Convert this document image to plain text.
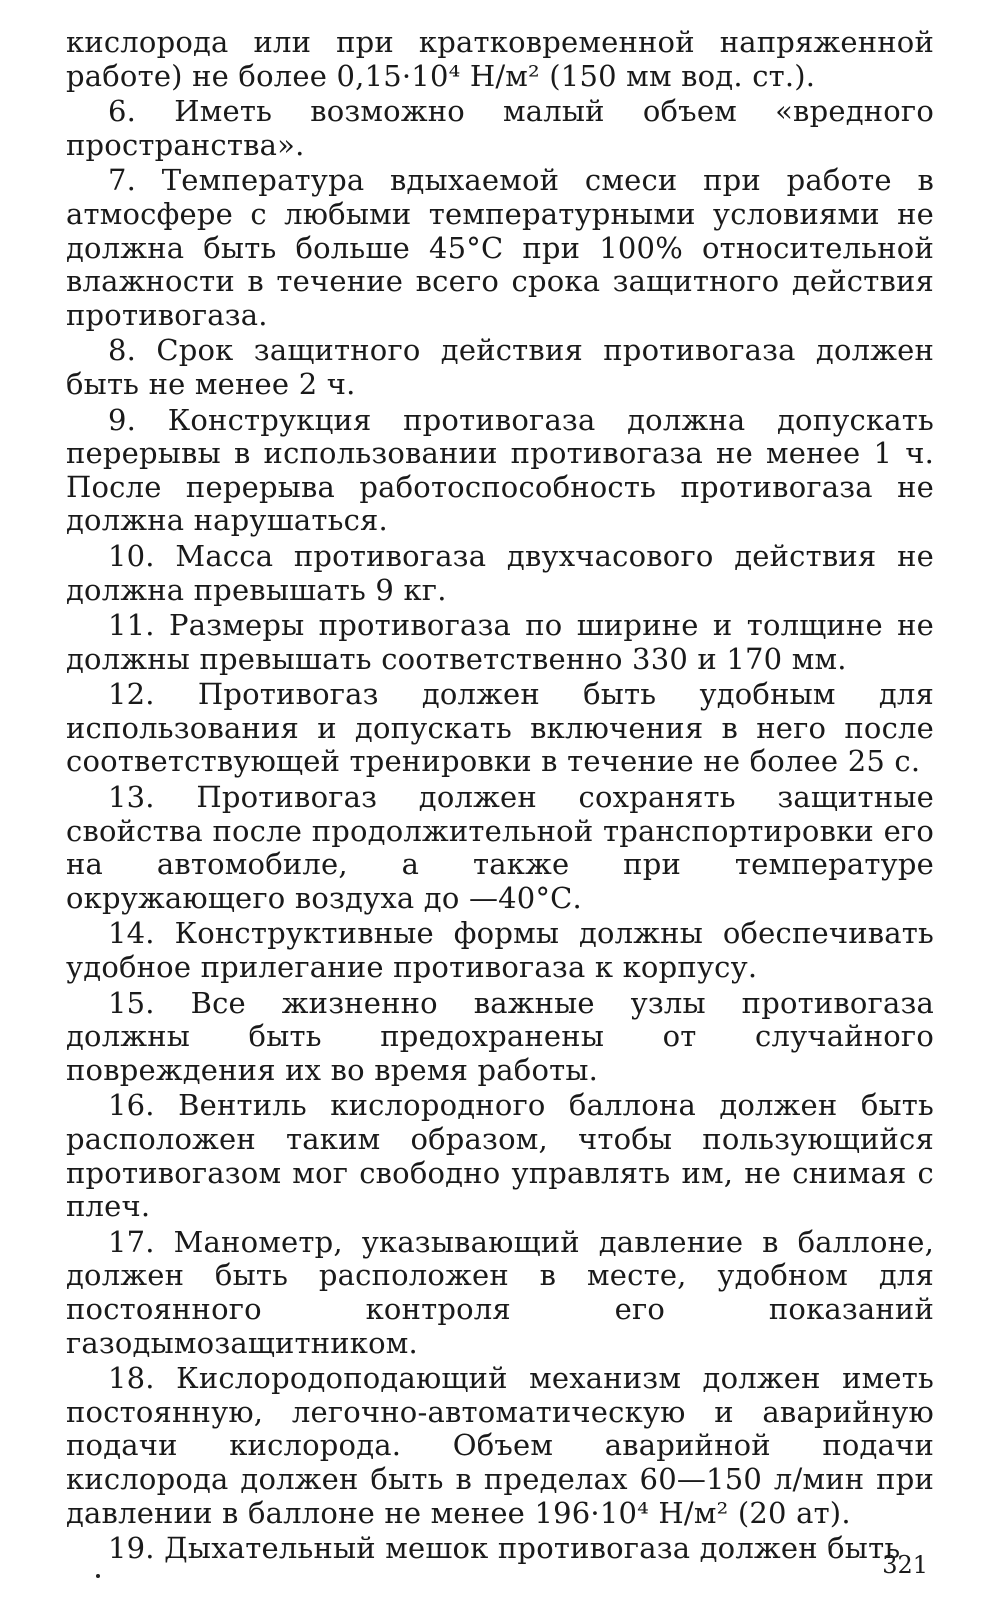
кислорода или при кратковременной напряженной работе) не более 0,15·10⁴ Н/м² (150 мм вод. ст.).

6. Иметь возможно малый объем «вредного пространства».

7. Температура вдыхаемой смеси при работе в атмосфере с любыми температурными условиями не должна быть больше 45°С при 100% относительной влажности в течение всего срока защитного действия противогаза.

8. Срок защитного действия противогаза должен быть не менее 2 ч.

9. Конструкция противогаза должна допускать перерывы в использовании противогаза не менее 1 ч. После перерыва работоспособность противогаза не должна нарушаться.

10. Масса противогаза двухчасового действия не должна превышать 9 кг.

11. Размеры противогаза по ширине и толщине не должны превышать соответственно 330 и 170 мм.

12. Противогаз должен быть удобным для использования и допускать включения в него после соответствующей тренировки в течение не более 25 с.

13. Противогаз должен сохранять защитные свойства после продолжительной транспортировки его на автомобиле, а также при температуре окружающего воздуха до —40°С.

14. Конструктивные формы должны обеспечивать удобное прилегание противогаза к корпусу.

15. Все жизненно важные узлы противогаза должны быть предохранены от случайного повреждения их во время работы.

16. Вентиль кислородного баллона должен быть расположен таким образом, чтобы пользующийся противогазом мог свободно управлять им, не снимая с плеч.

17. Манометр, указывающий давление в баллоне, должен быть расположен в месте, удобном для постоянного контроля его показаний газодымозащитником.

18. Кислородоподающий механизм должен иметь постоянную, легочно-автоматическую и аварийную подачи кислорода. Объем аварийной подачи кислорода должен быть в пределах 60—150 л/мин при давлении в баллоне не менее 196·10⁴ Н/м² (20 ат).

19. Дыхательный мешок противогаза должен быть

321
